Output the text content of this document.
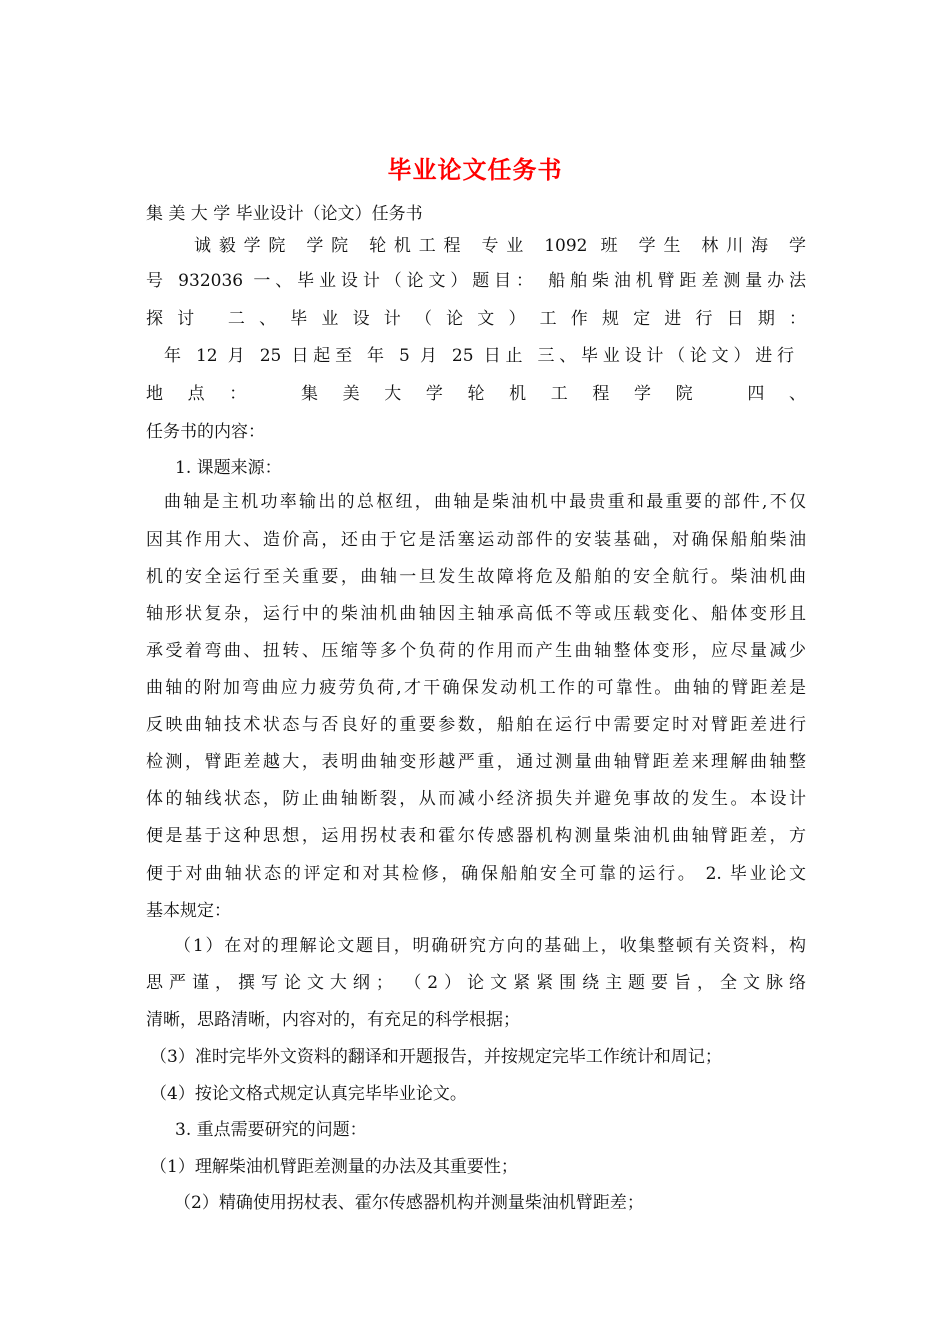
毕业论文任务书
集 美 大 学 毕业设计（论文）任务书
诚毅学院 学院 轮机工程 专业 1092 班 学生 林川海 学
号 932036 一、毕业设计（论文）题目： 船舶柴油机臂距差测量办法
探讨 二、毕业设计（论文）工作规定进行日期：
年 12 月 25 日起至 年 5 月 25 日止 三、毕业设计（论文）进行
地点： 集美大学轮机工程学院 四、
任务书的内容：
1. 课题来源：
曲轴是主机功率输出的总枢纽，曲轴是柴油机中最贵重和最重要的部件,不仅
因其作用大、造价高，还由于它是活塞运动部件的安装基础，对确保船舶柴油
机的安全运行至关重要，曲轴一旦发生故障将危及船舶的安全航行。柴油机曲
轴形状复杂，运行中的柴油机曲轴因主轴承高低不等或压载变化、船体变形且
承受着弯曲、扭转、压缩等多个负荷的作用而产生曲轴整体变形，应尽量减少
曲轴的附加弯曲应力疲劳负荷,才干确保发动机工作的可靠性。曲轴的臂距差是
反映曲轴技术状态与否良好的重要参数，船舶在运行中需要定时对臂距差进行
检测，臂距差越大，表明曲轴变形越严重，通过测量曲轴臂距差来理解曲轴整
体的轴线状态，防止曲轴断裂，从而减小经济损失并避免事故的发生。本设计
便是基于这种思想，运用拐杖表和霍尔传感器机构测量柴油机曲轴臂距差，方
便于对曲轴状态的评定和对其检修，确保船舶安全可靠的运行。 2. 毕业论文
基本规定：
（1）在对的理解论文题目，明确研究方向的基础上，收集整顿有关资料，构
思严谨，撰写论文大纲； （2）论文紧紧围绕主题要旨，全文脉络
清晰，思路清晰，内容对的，有充足的科学根据；
（3）准时完毕外文资料的翻译和开题报告，并按规定完毕工作统计和周记；
（4）按论文格式规定认真完毕毕业论文。
3. 重点需要研究的问题：
（1）理解柴油机臂距差测量的办法及其重要性；
（2）精确使用拐杖表、霍尔传感器机构并测量柴油机臂距差；
